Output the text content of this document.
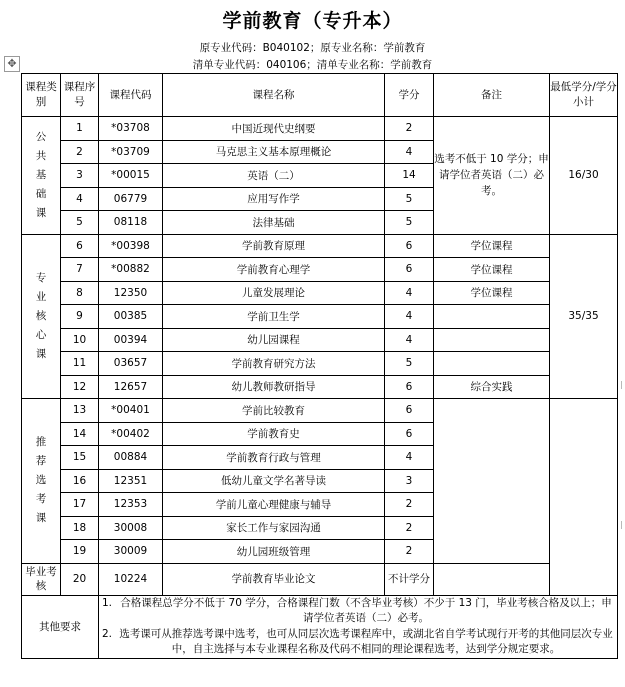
学前教育（专升本）
原专业代码：B040102；原专业名称：学前教育
清单专业代码：040106；清单专业名称：学前教育
✥
|
|
课程类别	课程序号	课程代码	课程名称	学分	备注	最低学分/学分小计
公
共
基
础
课	1	*03708	中国近现代史纲要	2	选考不低于 10 学分；申请学位者英语（二）必考。	16/30
	2	*03709	马克思主义基本原理概论	4		
	3	*00015	英语（二）	14		
	4	06779	应用写作学	5		
	5	08118	法律基础	5		
专
业
核
心
课	6	*00398	学前教育原理	6	学位课程	35/35
	7	*00882	学前教育心理学	6	学位课程	
	8	12350	儿童发展理论	4	学位课程	
	9	00385	学前卫生学	4		
	10	00394	幼儿园课程	4		
	11	03657	学前教育研究方法	5		
	12	12657	幼儿教师教研指导	6	综合实践	
推
荐
选
考
课	13	*00401	学前比较教育	6		
	14	*00402	学前教育史	6		
	15	00884	学前教育行政与管理	4		
	16	12351	低幼儿童文学名著导读	3		
	17	12353	学前儿童心理健康与辅导	2		
	18	30008	家长工作与家园沟通	2		
	19	30009	幼儿园班级管理	2		
毕业考核	20	10224	学前教育毕业论文	不计学分		
其他要求		1. 合格课程总学分不低于 70 学分，合格课程门数（不含毕业考核）不少于 13 门，毕业考核合格及以上；申请学位者英语（二）必考。
2. 选考课可从推荐选考课中选考，也可从同层次选考课程库中，或湖北省自学考试现行开考的其他同层次专业中，自主选择与本专业课程名称及代码不相同的理论课程选考，达到学分规定要求。				
